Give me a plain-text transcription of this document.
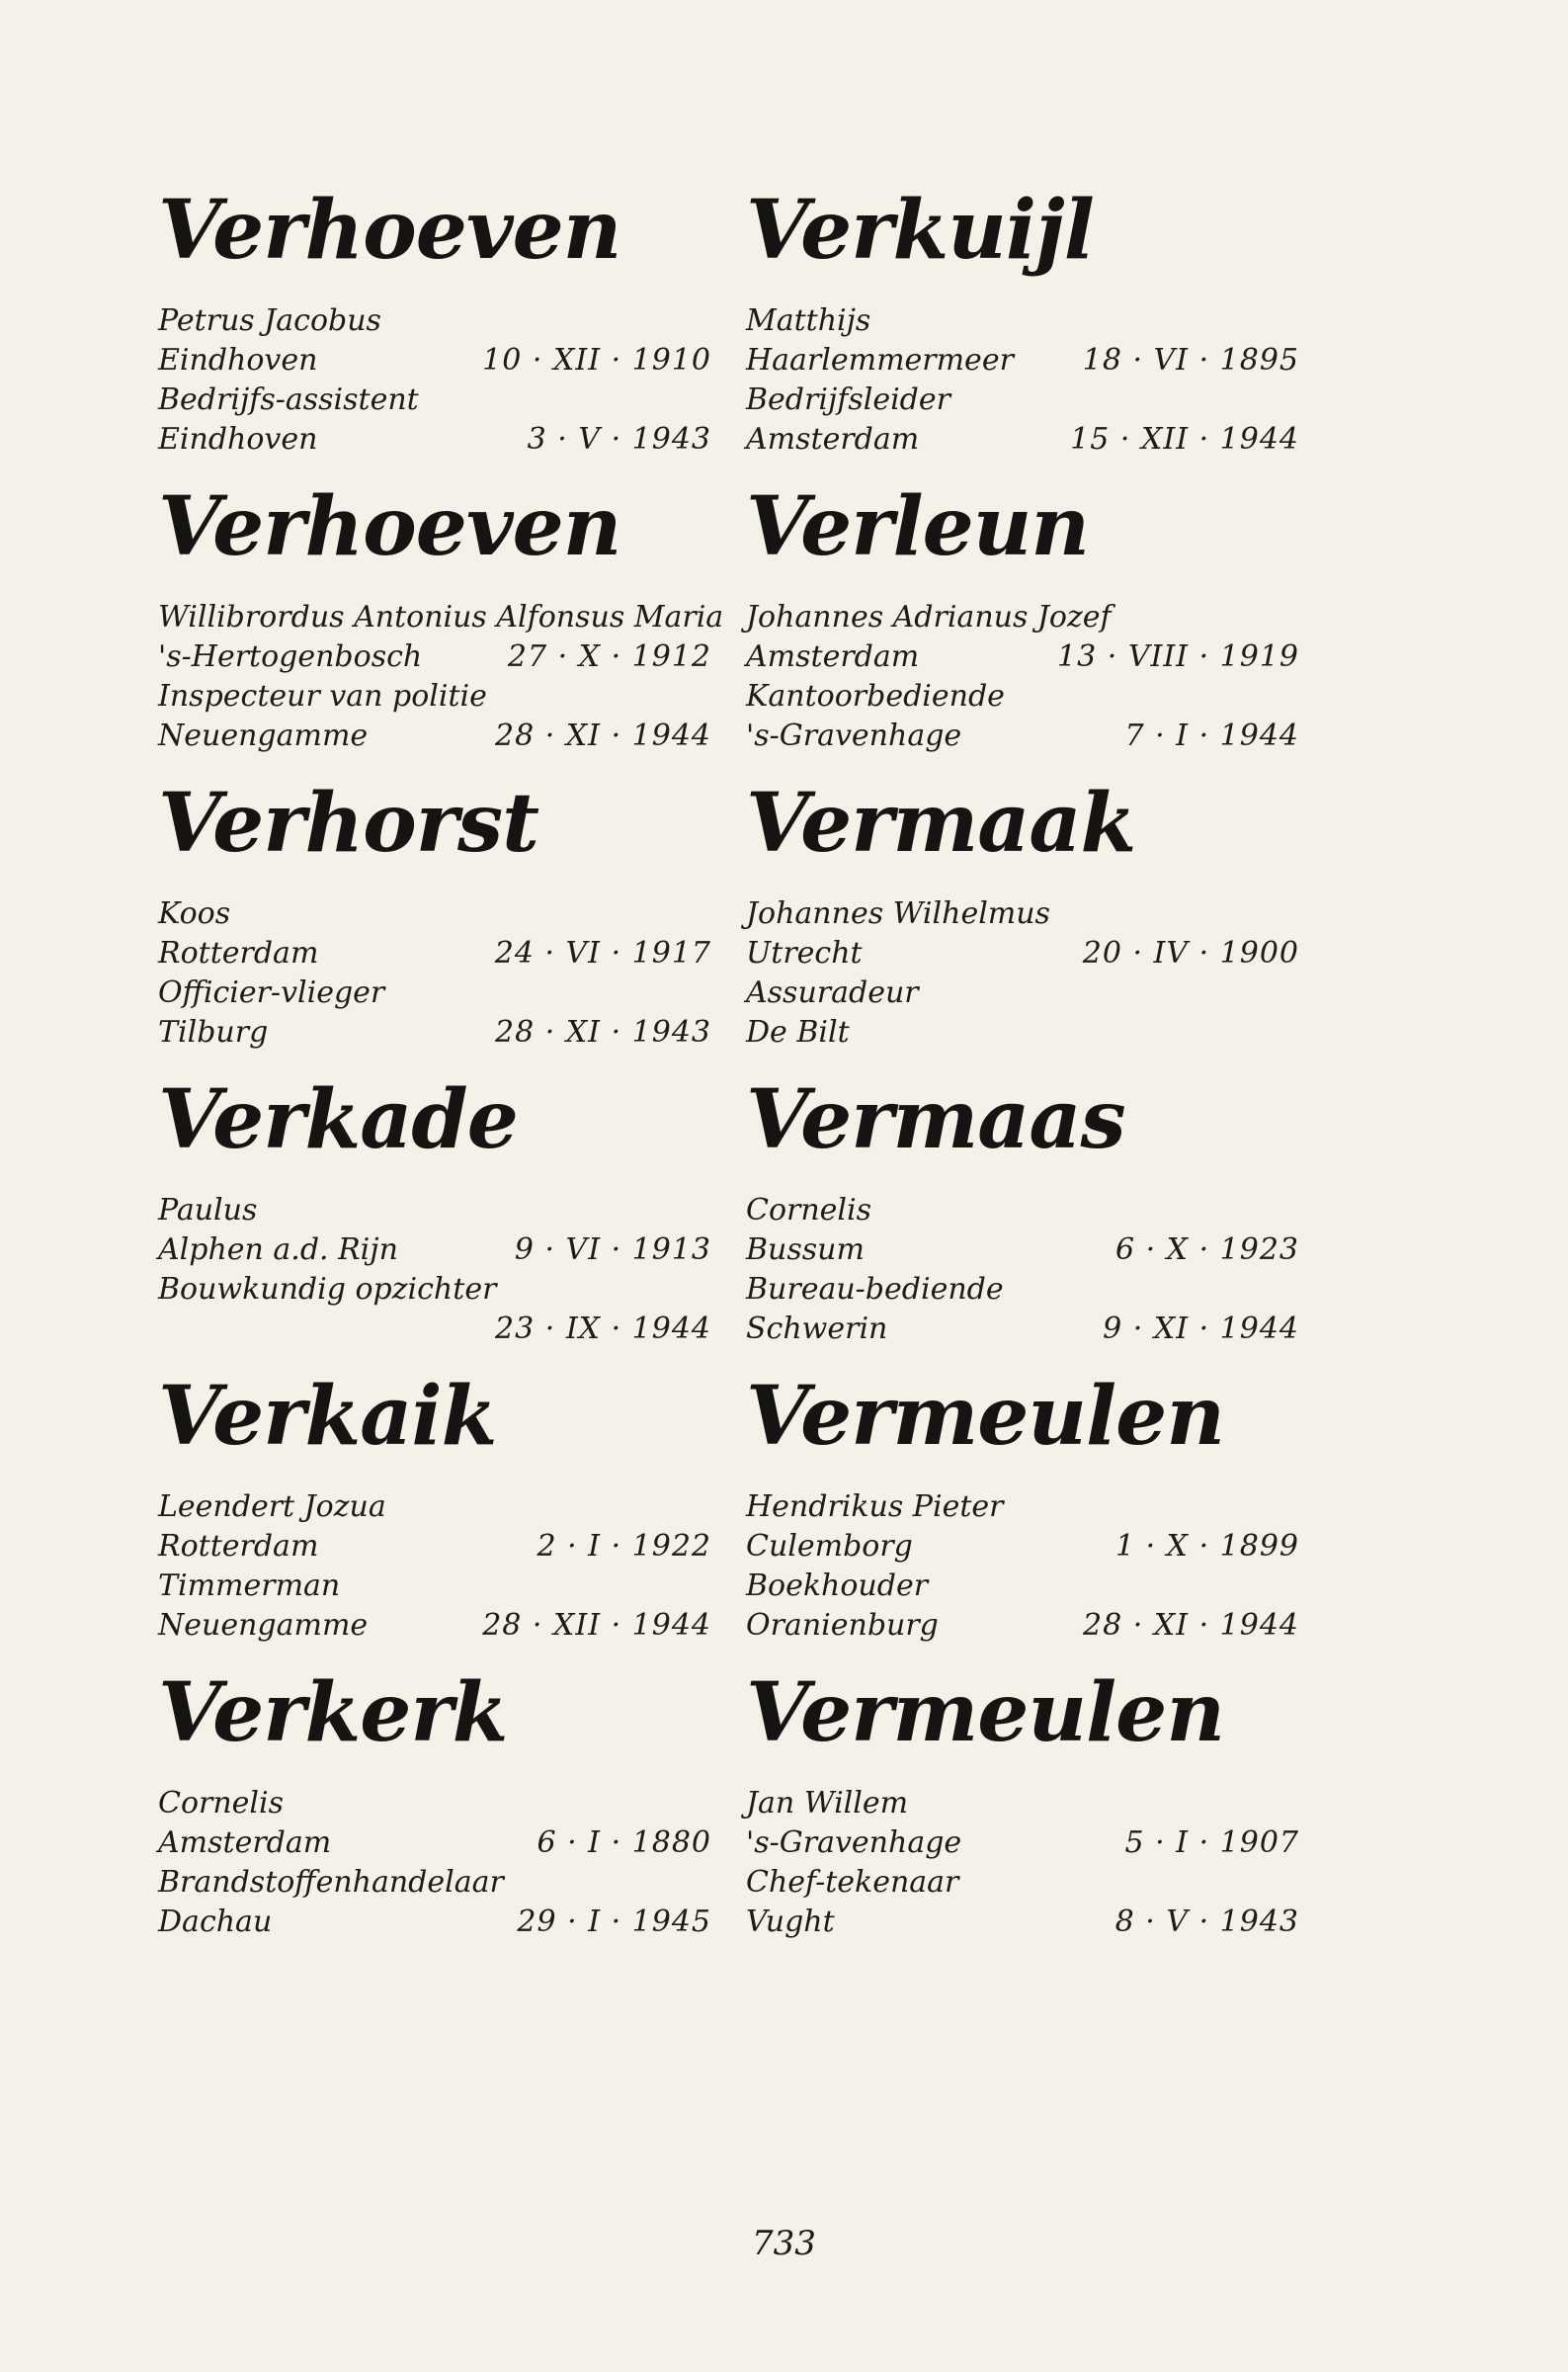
Verhoeven
Petrus Jacobus
Eindhoven	10 · XII · 1910
Bedrijfs-assistent
Eindhoven	3 · V · 1943
Verhoeven
Willibrordus Antonius Alfonsus Maria
's-Hertogenbosch	27 · X · 1912
Inspecteur van politie
Neuengamme	28 · XI · 1944
Verhorst
Koos
Rotterdam	24 · VI · 1917
Officier-vlieger
Tilburg	28 · XI · 1943
Verkade
Paulus
Alphen a.d. Rijn	9 · VI · 1913
Bouwkundig opzichter
23 · IX · 1944
Verkaik
Leendert Jozua
Rotterdam	2 · I · 1922
Timmerman
Neuengamme	28 · XII · 1944
Verkerk
Cornelis
Amsterdam	6 · I · 1880
Brandstoffenhandelaar
Dachau	29 · I · 1945
Verkuijl
Matthijs
Haarlemmermeer 18 · VI · 1895
Bedrijfsleider
Amsterdam	15 · XII · 1944
Verleun
Johannes Adrianus Jozef
Amsterdam	13 · VIII · 1919
Kantoorbediende
's-Gravenhage	7 · I · 1944
Vermaak
Johannes Wilhelmus
Utrecht	20 · IV · 1900
Assuradeur
De Bilt
Vermaas
Cornelis
Bussum	6 · X · 1923
Bureau-bediende
Schwerin	9 · XI · 1944
Vermeulen
Hendrikus Pieter
Culemborg	1 · X · 1899
Boekhouder
Oranienburg	28 · XI · 1944
Vermeulen
Jan Willem
's-Gravenhage	5 · I · 1907
Chef-tekenaar
Vught	8 · V · 1943
733
